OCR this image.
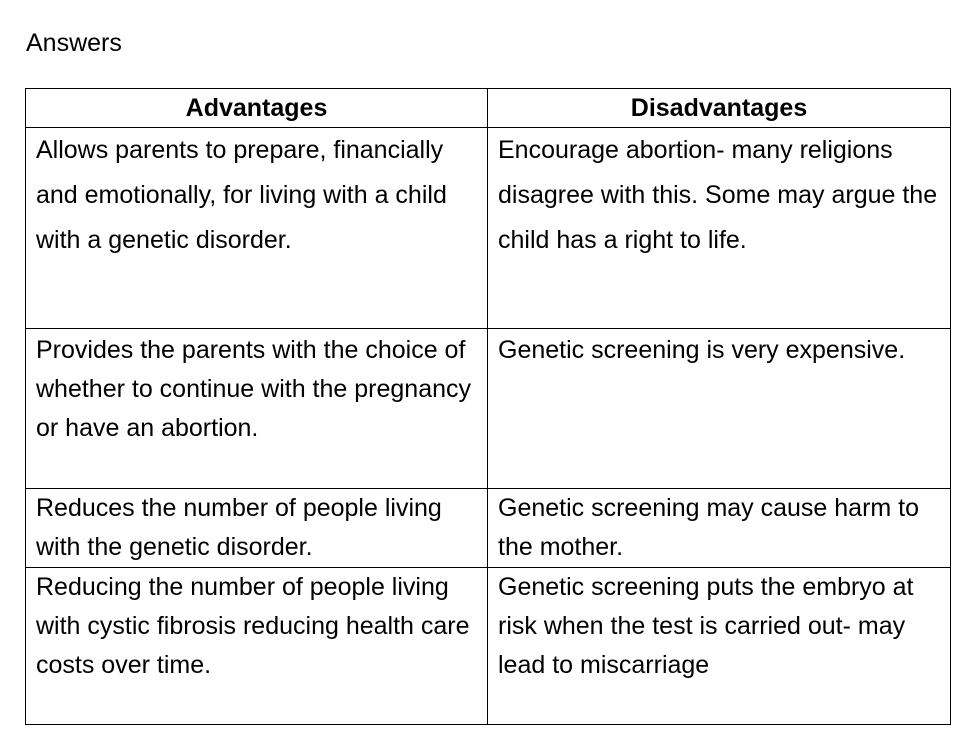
Answers
Advantages	Disadvantages

Allows parents to prepare, financially and emotionally, for living with a child with a genetic disorder.	Encourage abortion- many religions disagree with this. Some may argue the child has a right to life.

Provides the parents with the choice of whether to continue with the pregnancy or have an abortion.	Genetic screening is very expensive.

Reduces the number of people living with the genetic disorder.	Genetic screening may cause harm to the mother.

Reducing the number of people living with cystic fibrosis reducing health care costs over time.	Genetic screening puts the embryo at risk when the test is carried out- may lead to miscarriage
